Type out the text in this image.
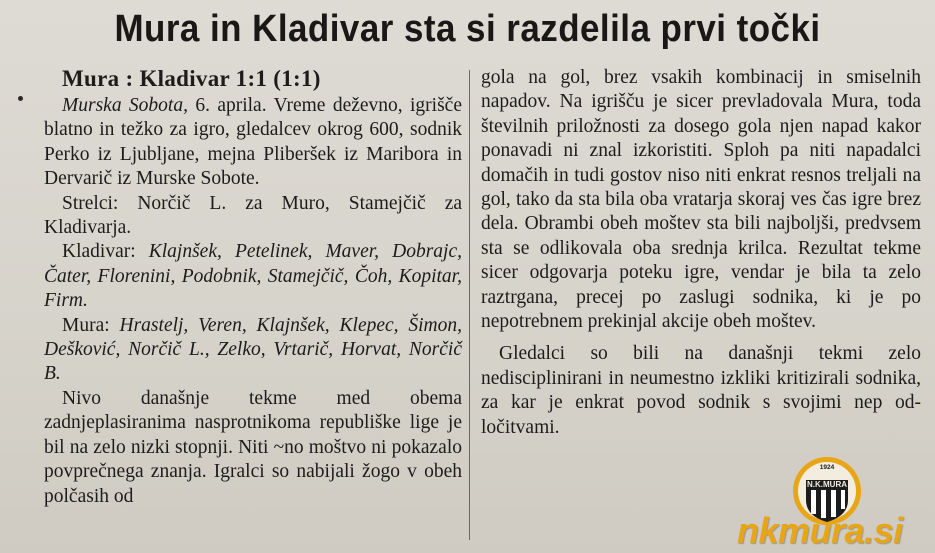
Mura in Kladivar sta si razdelila prvi točki
Mura : Kladivar 1:1 (1:1)

Murska Sobota, 6. aprila. Vreme deževno, igrišče blatno in težko za igro, gledalcev okrog 600, sodnik Perko iz Ljubljane, mejna Pliberšek iz Maribora in Dervarič iz Murske Sobote.

Strelci: Norčič L. za Muro, Stamejčič za Kladivarja.

Kladivar: Klajnšek, Petelinek, Maver, Dobrajc, Čater, Florenini, Podobnik, Stamejčič, Čoh, Kopitar, Firm.

Mura: Hrastelj, Veren, Klajnšek, Klepec, Šimon, Dešković, Norčič L., Zelko, Vrtarič, Horvat, Norčič B.

Nivo današnje tekme med obema zadnjeplasiranima nasprotnikoma republiške lige je bil na zelo nizki stopnji. Niti ~no moštvo ni pokazalo povprečnega znanja. Igralci so nabijali žogo v obeh polčasih od

gola na gol, brez vsakih kombinacij in smiselnih napadov. Na igrišču je sicer prevladovala Mura, toda številnih priložnosti za dosego gola njen napad kakor ponavadi ni znal izkoristiti. Sploh pa niti napadalci domačih in tudi gostov niso niti enkrat resnos treljali na gol, tako da sta bila oba vratarja skoraj ves čas igre brez dela. Obrambi obeh moštev sta bili najboljši, predvsem sta se odlikovala oba srednja krilca. Rezultat tekme sicer odgovarja poteku igre, vendar je bila ta zelo raztrgana, precej po zaslugi sodnika, ki je po nepotrebnem prekinjal akcije obeh moštev.

Gledalci so bili na današnji tekmi zelo nedisciplinirani in neumestno izkliki kritizirali sodnika, za kar je enkrat povod sodnik s svojimi nep od- ločitvami.

1924
N.K.MURA
nkmura.si
